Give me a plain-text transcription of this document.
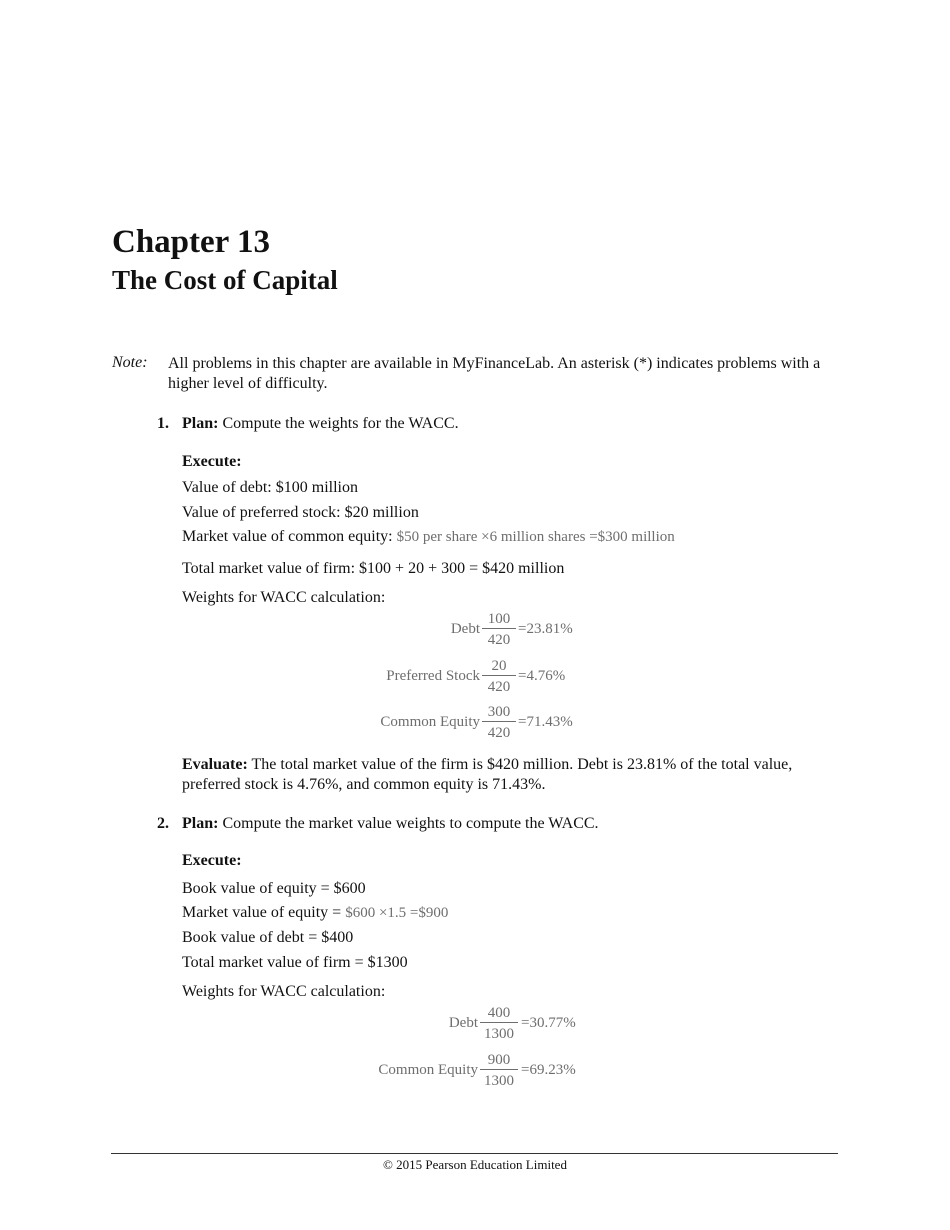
Chapter 13
The Cost of Capital
Note: All problems in this chapter are available in MyFinanceLab. An asterisk (*) indicates problems with a higher level of difficulty.
1. Plan: Compute the weights for the WACC.
Execute:
Value of debt: $100 million
Value of preferred stock: $20 million
Market value of common equity: $50 per share ×6 million shares =$300 million
Total market value of firm: $100 + 20 + 300 = $420 million
Weights for WACC calculation:
Debt $\frac{100}{420} =23.81\%$
Preferred Stock $\frac{20}{420} =4.76\%$
Common Equity $\frac{300}{420} =71.43\%$
Evaluate: The total market value of the firm is $420 million. Debt is 23.81% of the total value, preferred stock is 4.76%, and common equity is 71.43%.
2. Plan: Compute the market value weights to compute the WACC.
Execute:
Book value of equity = $600
Market value of equity = $600 ×1.5 =$900
Book value of debt = $400
Total market value of firm = $1300
Weights for WACC calculation:
Debt $\frac{400}{1300} =30.77\%$
Common Equity $\frac{900}{1300} =69.23\%$
© 2015 Pearson Education Limited
